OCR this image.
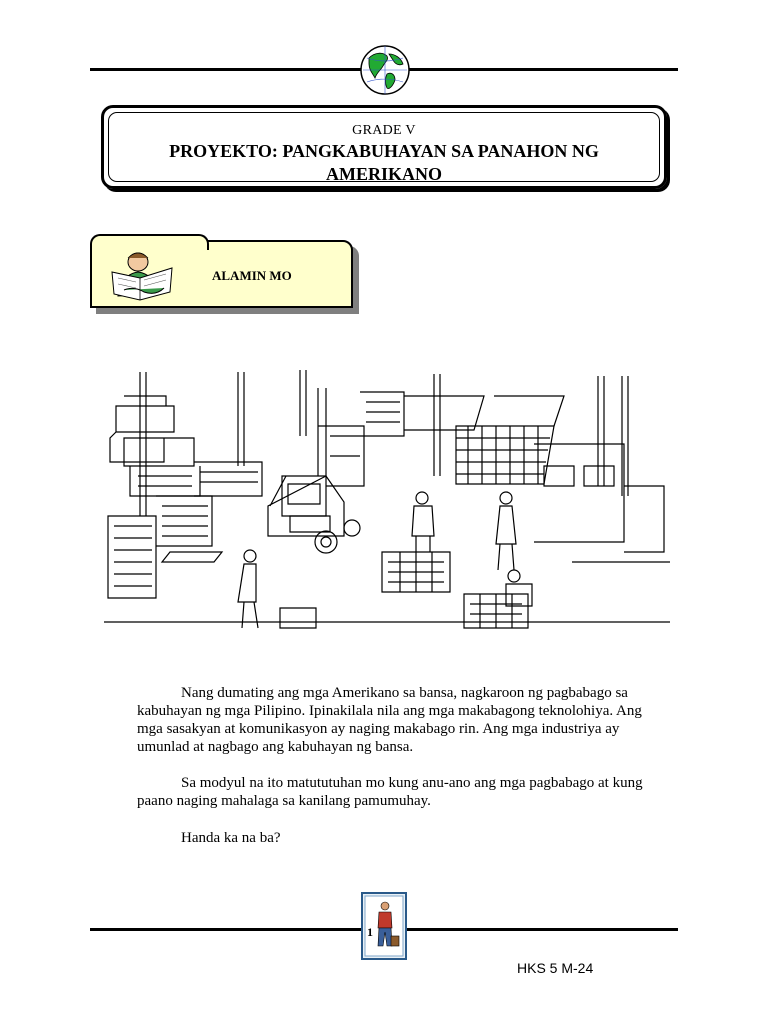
GRADE V
PROYEKTO: PANGKABUHAYAN SA PANAHON NG
AMERIKANO
ALAMIN MO
Nang dumating ang mga Amerikano sa bansa, nagkaroon ng pagbabago sa kabuhayan ng mga Pilipino. Ipinakilala nila ang mga makabagong teknolohiya. Ang mga sasakyan at komunikasyon ay naging makabago rin. Ang mga industriya ay umunlad at nagbago ang kabuhayan ng bansa.
Sa modyul na ito matututuhan mo kung anu-ano ang mga pagbabago at kung paano naging mahalaga sa kanilang pamumuhay.
Handa ka na ba?
1
HKS 5 M-24
